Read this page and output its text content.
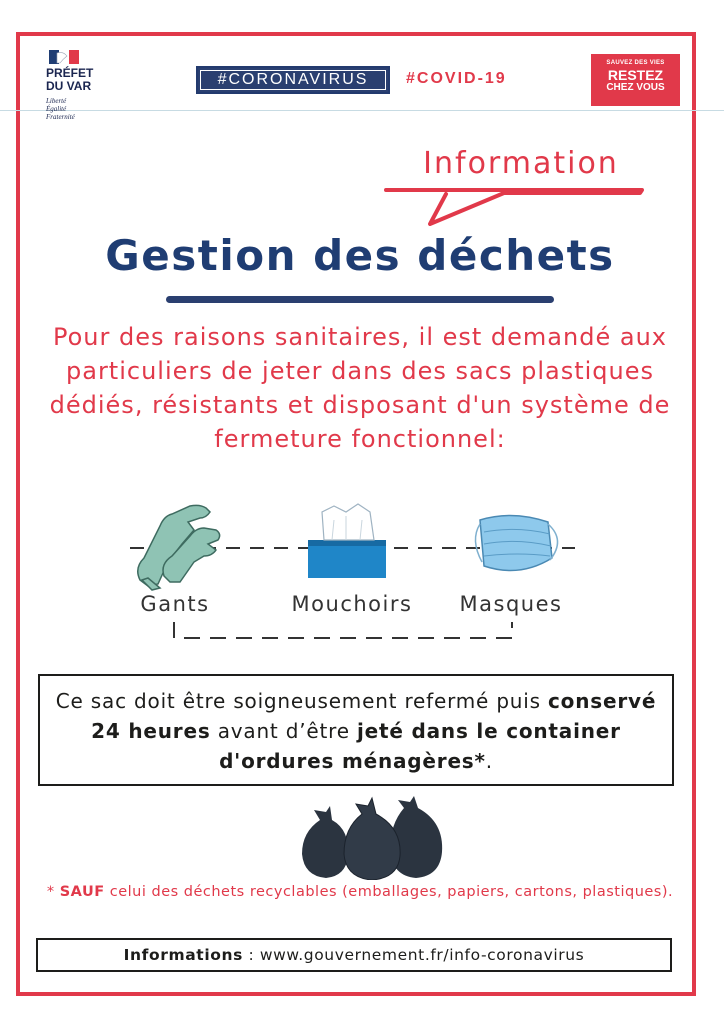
PRÉFET
DU VAR
Liberté
Égalité
Fraternité
#CORONAVIRUS	#COVID-19
SAUVEZ DES VIES
RESTEZ
CHEZ VOUS
Information
Gestion des déchets
Pour des raisons sanitaires, il est demandé aux particuliers de jeter dans des sacs plastiques dédiés, résistants et disposant d'un système de fermeture fonctionnel:
Gants	Mouchoirs	Masques
Ce sac doit être soigneusement refermé puis conservé 24 heures avant d’être jeté dans le container d'ordures ménagères*.
* SAUF celui des déchets recyclables (emballages, papiers, cartons, plastiques).
Informations : www.gouvernement.fr/info-coronavirus
